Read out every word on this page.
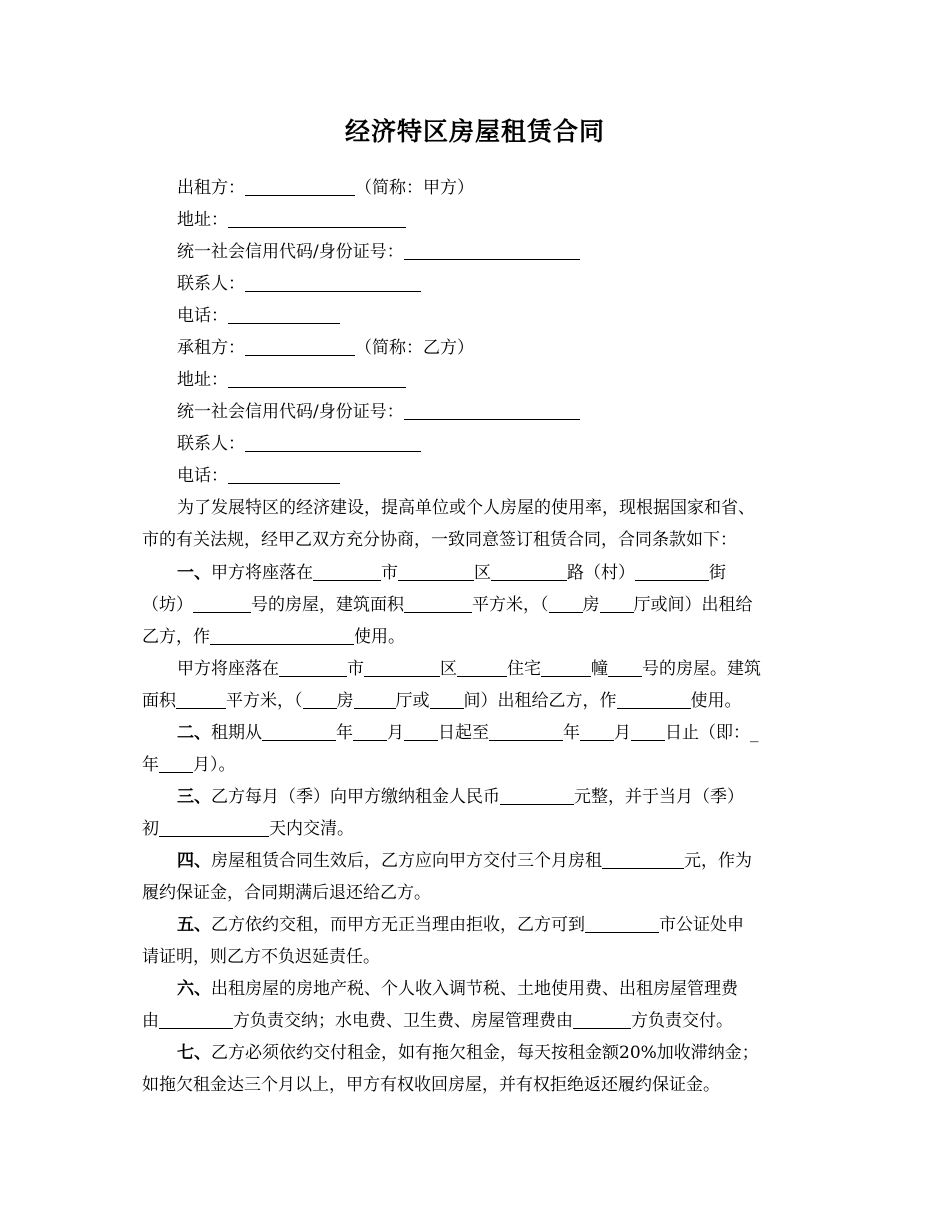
经济特区房屋租赁合同
出租方：	（简称：甲方）
地址：
统一社会信用代码/身份证号：
联系人：
电话：
承租方：	（简称：乙方）
地址：
统一社会信用代码/身份证号：
联系人：
电话：
为了发展特区的经济建设，提高单位或个人房屋的使用率，现根据国家和省、
市的有关法规，经甲乙双方充分协商，一致同意签订租赁合同，合同条款如下：
一、甲方将座落在	市	区	路（村）	街
（坊）	号的房屋，建筑面积	平方米，（ 房 厅或间）出租给
乙方，作	使用。
甲方将座落在	市	区	住宅	幢 号的房屋。建筑
面积	平方米，（ 房 厅或 间）出租给乙方，作	使用。
二、租期从	年 月 日起至	年 月 日止（即：_
年 月）。
三、乙方每月（季）向甲方缴纳租金人民币	元整，并于当月（季）
初	天内交清。
四、房屋租赁合同生效后，乙方应向甲方交付三个月房租	元，作为
履约保证金，合同期满后退还给乙方。
五、乙方依约交租，而甲方无正当理由拒收，乙方可到	市公证处申
请证明，则乙方不负迟延责任。
六、出租房屋的房地产税、个人收入调节税、土地使用费、出租房屋管理费
由	方负责交纳；水电费、卫生费、房屋管理费由	方负责交付。
七、乙方必须依约交付租金，如有拖欠租金，每天按租金额20%加收滞纳金；
如拖欠租金达三个月以上，甲方有权收回房屋，并有权拒绝返还履约保证金。
